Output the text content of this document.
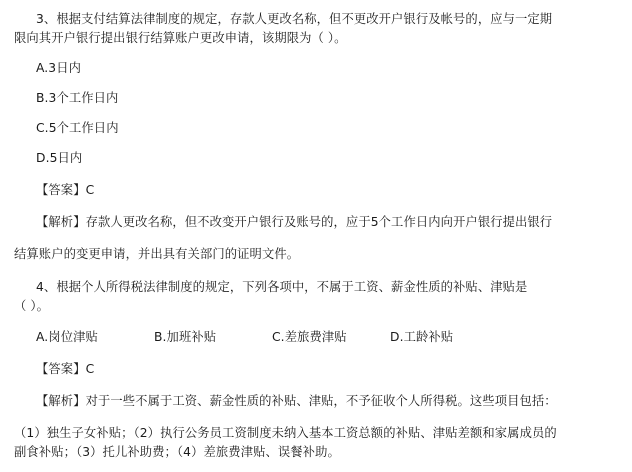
3、根据支付结算法律制度的规定，存款人更改名称，但不更改开户银行及帐号的，应与一定期
限向其开户银行提出银行结算账户更改申请，该期限为（ ）。
A.3日内
B.3个工作日内
C.5个工作日内
D.5日内
【答案】C
【解析】存款人更改名称，但不改变开户银行及账号的，应于5个工作日内向开户银行提出银行
结算账户的变更申请，并出具有关部门的证明文件。
4、根据个人所得税法律制度的规定，下列各项中，不属于工资、薪金性质的补贴、津贴是
（ ）。
A.岗位津贴	B.加班补贴	C.差旅费津贴	D.工龄补贴
【答案】C
【解析】对于一些不属于工资、薪金性质的补贴、津贴，不予征收个人所得税。这些项目包括：
（1）独生子女补贴；（2）执行公务员工资制度未纳入基本工资总额的补贴、津贴差额和家属成员的
副食补贴；（3）托儿补助费；（4）差旅费津贴、误餐补助。
